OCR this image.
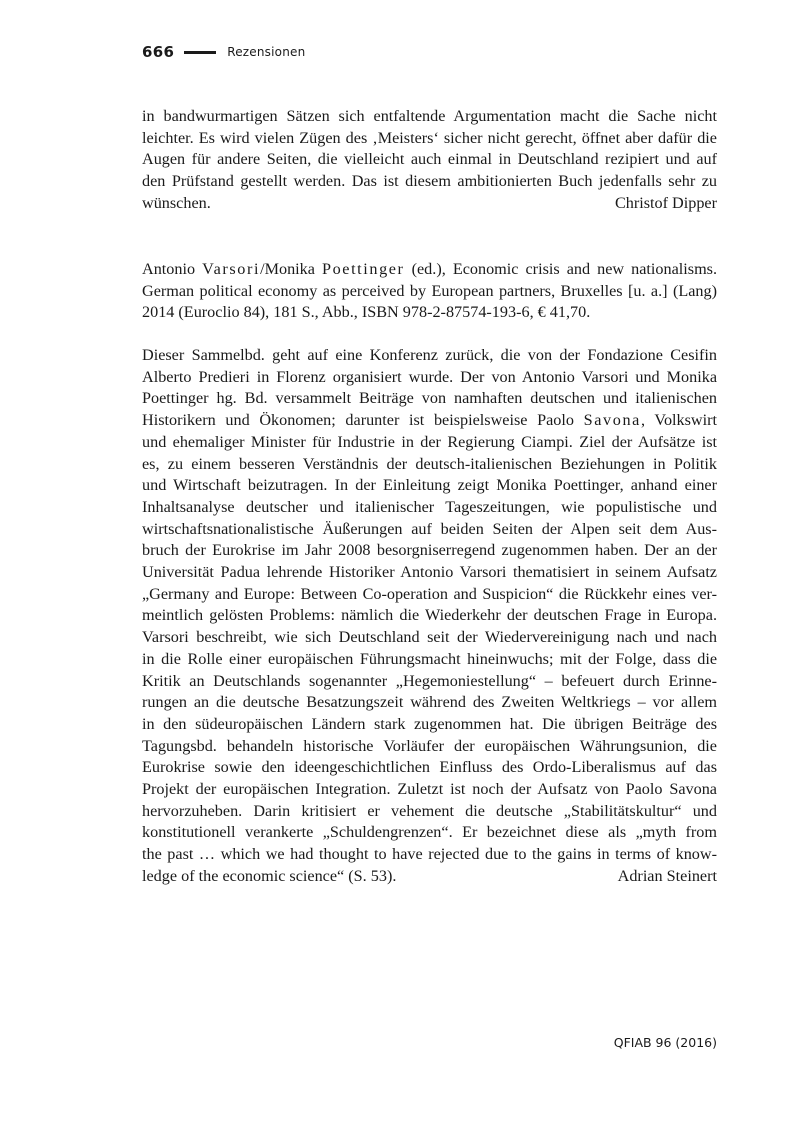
666	Rezensionen
in bandwurmartigen Sätzen sich entfaltende Argumentation macht die Sache nicht
leichter. Es wird vielen Zügen des ‚Meisters‘ sicher nicht gerecht, öffnet aber dafür die
Augen für andere Seiten, die vielleicht auch einmal in Deutschland rezipiert und auf
den Prüfstand gestellt werden. Das ist diesem ambitionierten Buch jedenfalls sehr zu
wünschen.	Christof Dipper
Antonio Varsori/Monika Poettinger (ed.), Economic crisis and new nationalisms.
German political economy as perceived by European partners, Bruxelles [u. a.] (Lang)
2014 (Euroclio 84), 181 S., Abb., ISBN 978-2-87574-193-6, € 41,70.
Dieser Sammelbd. geht auf eine Konferenz zurück, die von der Fondazione Cesifin
Alberto Predieri in Florenz organisiert wurde. Der von Antonio Varsori und Monika
Poettinger hg. Bd. versammelt Beiträge von namhaften deutschen und italienischen
Historikern und Ökonomen; darunter ist beispielsweise Paolo Savona, Volkswirt
und ehemaliger Minister für Industrie in der Regierung Ciampi. Ziel der Aufsätze ist
es, zu einem besseren Verständnis der deutsch-italienischen Beziehungen in Politik
und Wirtschaft beizutragen. In der Einleitung zeigt Monika Poettinger, anhand einer
Inhaltsanalyse deutscher und italienischer Tageszeitungen, wie populistische und
wirtschaftsnationalistische Äußerungen auf beiden Seiten der Alpen seit dem Aus-
bruch der Eurokrise im Jahr 2008 besorgniserregend zugenommen haben. Der an der
Universität Padua lehrende Historiker Antonio Varsori thematisiert in seinem Aufsatz
„Germany and Europe: Between Co-operation and Suspicion“ die Rückkehr eines ver-
meintlich gelösten Problems: nämlich die Wiederkehr der deutschen Frage in Europa.
Varsori beschreibt, wie sich Deutschland seit der Wiedervereinigung nach und nach
in die Rolle einer europäischen Führungsmacht hineinwuchs; mit der Folge, dass die
Kritik an Deutschlands sogenannter „Hegemoniestellung“ – befeuert durch Erinne-
rungen an die deutsche Besatzungszeit während des Zweiten Weltkriegs – vor allem
in den südeuropäischen Ländern stark zugenommen hat. Die übrigen Beiträge des
Tagungsbd. behandeln historische Vorläufer der europäischen Währungsunion, die
Eurokrise sowie den ideengeschichtlichen Einfluss des Ordo-Liberalismus auf das
Projekt der europäischen Integration. Zuletzt ist noch der Aufsatz von Paolo Savona
hervorzuheben. Darin kritisiert er vehement die deutsche „Stabilitätskultur“ und
konstitutionell verankerte „Schuldengrenzen“. Er bezeichnet diese als „myth from
the past … which we had thought to have rejected due to the gains in terms of know-
ledge of the economic science“ (S. 53).	Adrian Steinert
QFIAB 96 (2016)
